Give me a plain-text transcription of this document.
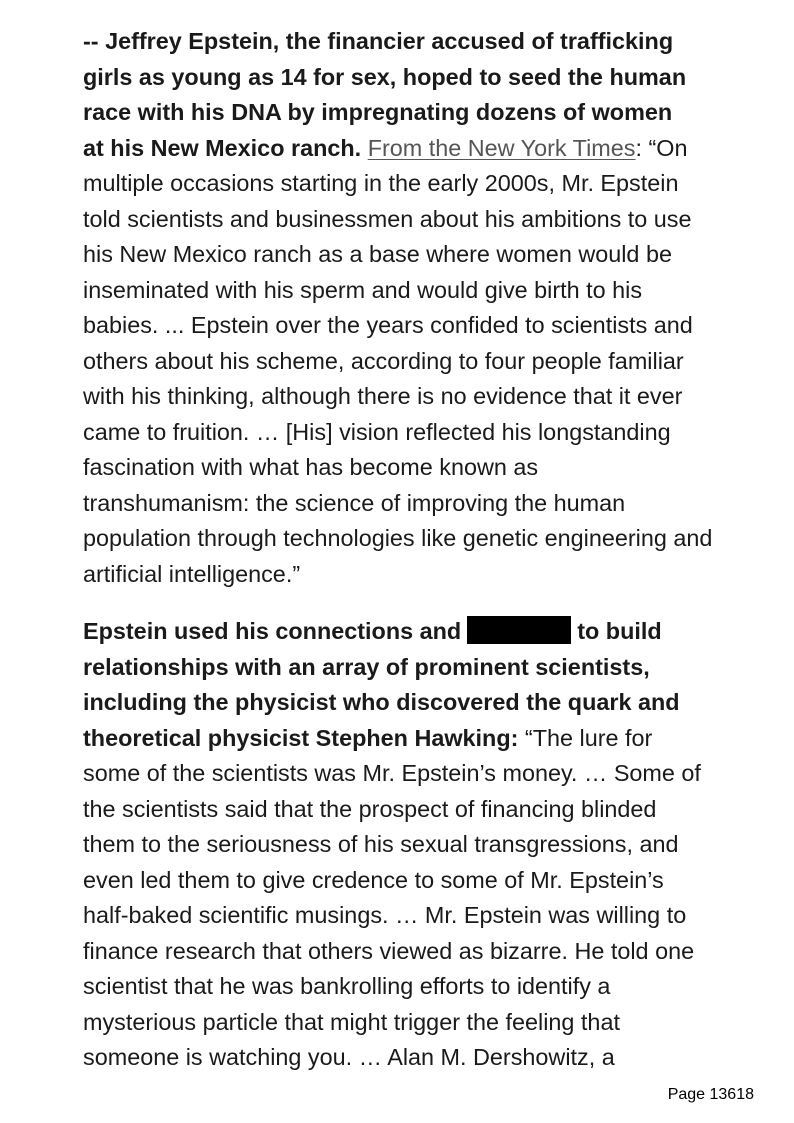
-- Jeffrey Epstein, the financier accused of trafficking
girls as young as 14 for sex, hoped to seed the human
race with his DNA by impregnating dozens of women
at his New Mexico ranch. From the New York Times: “On
multiple occasions starting in the early 2000s, Mr. Epstein
told scientists and businessmen about his ambitions to use
his New Mexico ranch as a base where women would be
inseminated with his sperm and would give birth to his
babies. ... Epstein over the years confided to scientists and
others about his scheme, according to four people familiar
with his thinking, although there is no evidence that it ever
came to fruition. … [His] vision reflected his longstanding
fascination with what has become known as
transhumanism: the science of improving the human
population through technologies like genetic engineering and
artificial intelligence.”

Epstein used his connections and	to build
relationships with an array of prominent scientists,
including the physicist who discovered the quark and
theoretical physicist Stephen Hawking: “The lure for
some of the scientists was Mr. Epstein’s money. … Some of
the scientists said that the prospect of financing blinded
them to the seriousness of his sexual transgressions, and
even led them to give credence to some of Mr. Epstein’s
half-baked scientific musings. … Mr. Epstein was willing to
finance research that others viewed as bizarre. He told one
scientist that he was bankrolling efforts to identify a
mysterious particle that might trigger the feeling that
someone is watching you. … Alan M. Dershowitz, a

Page 13618
